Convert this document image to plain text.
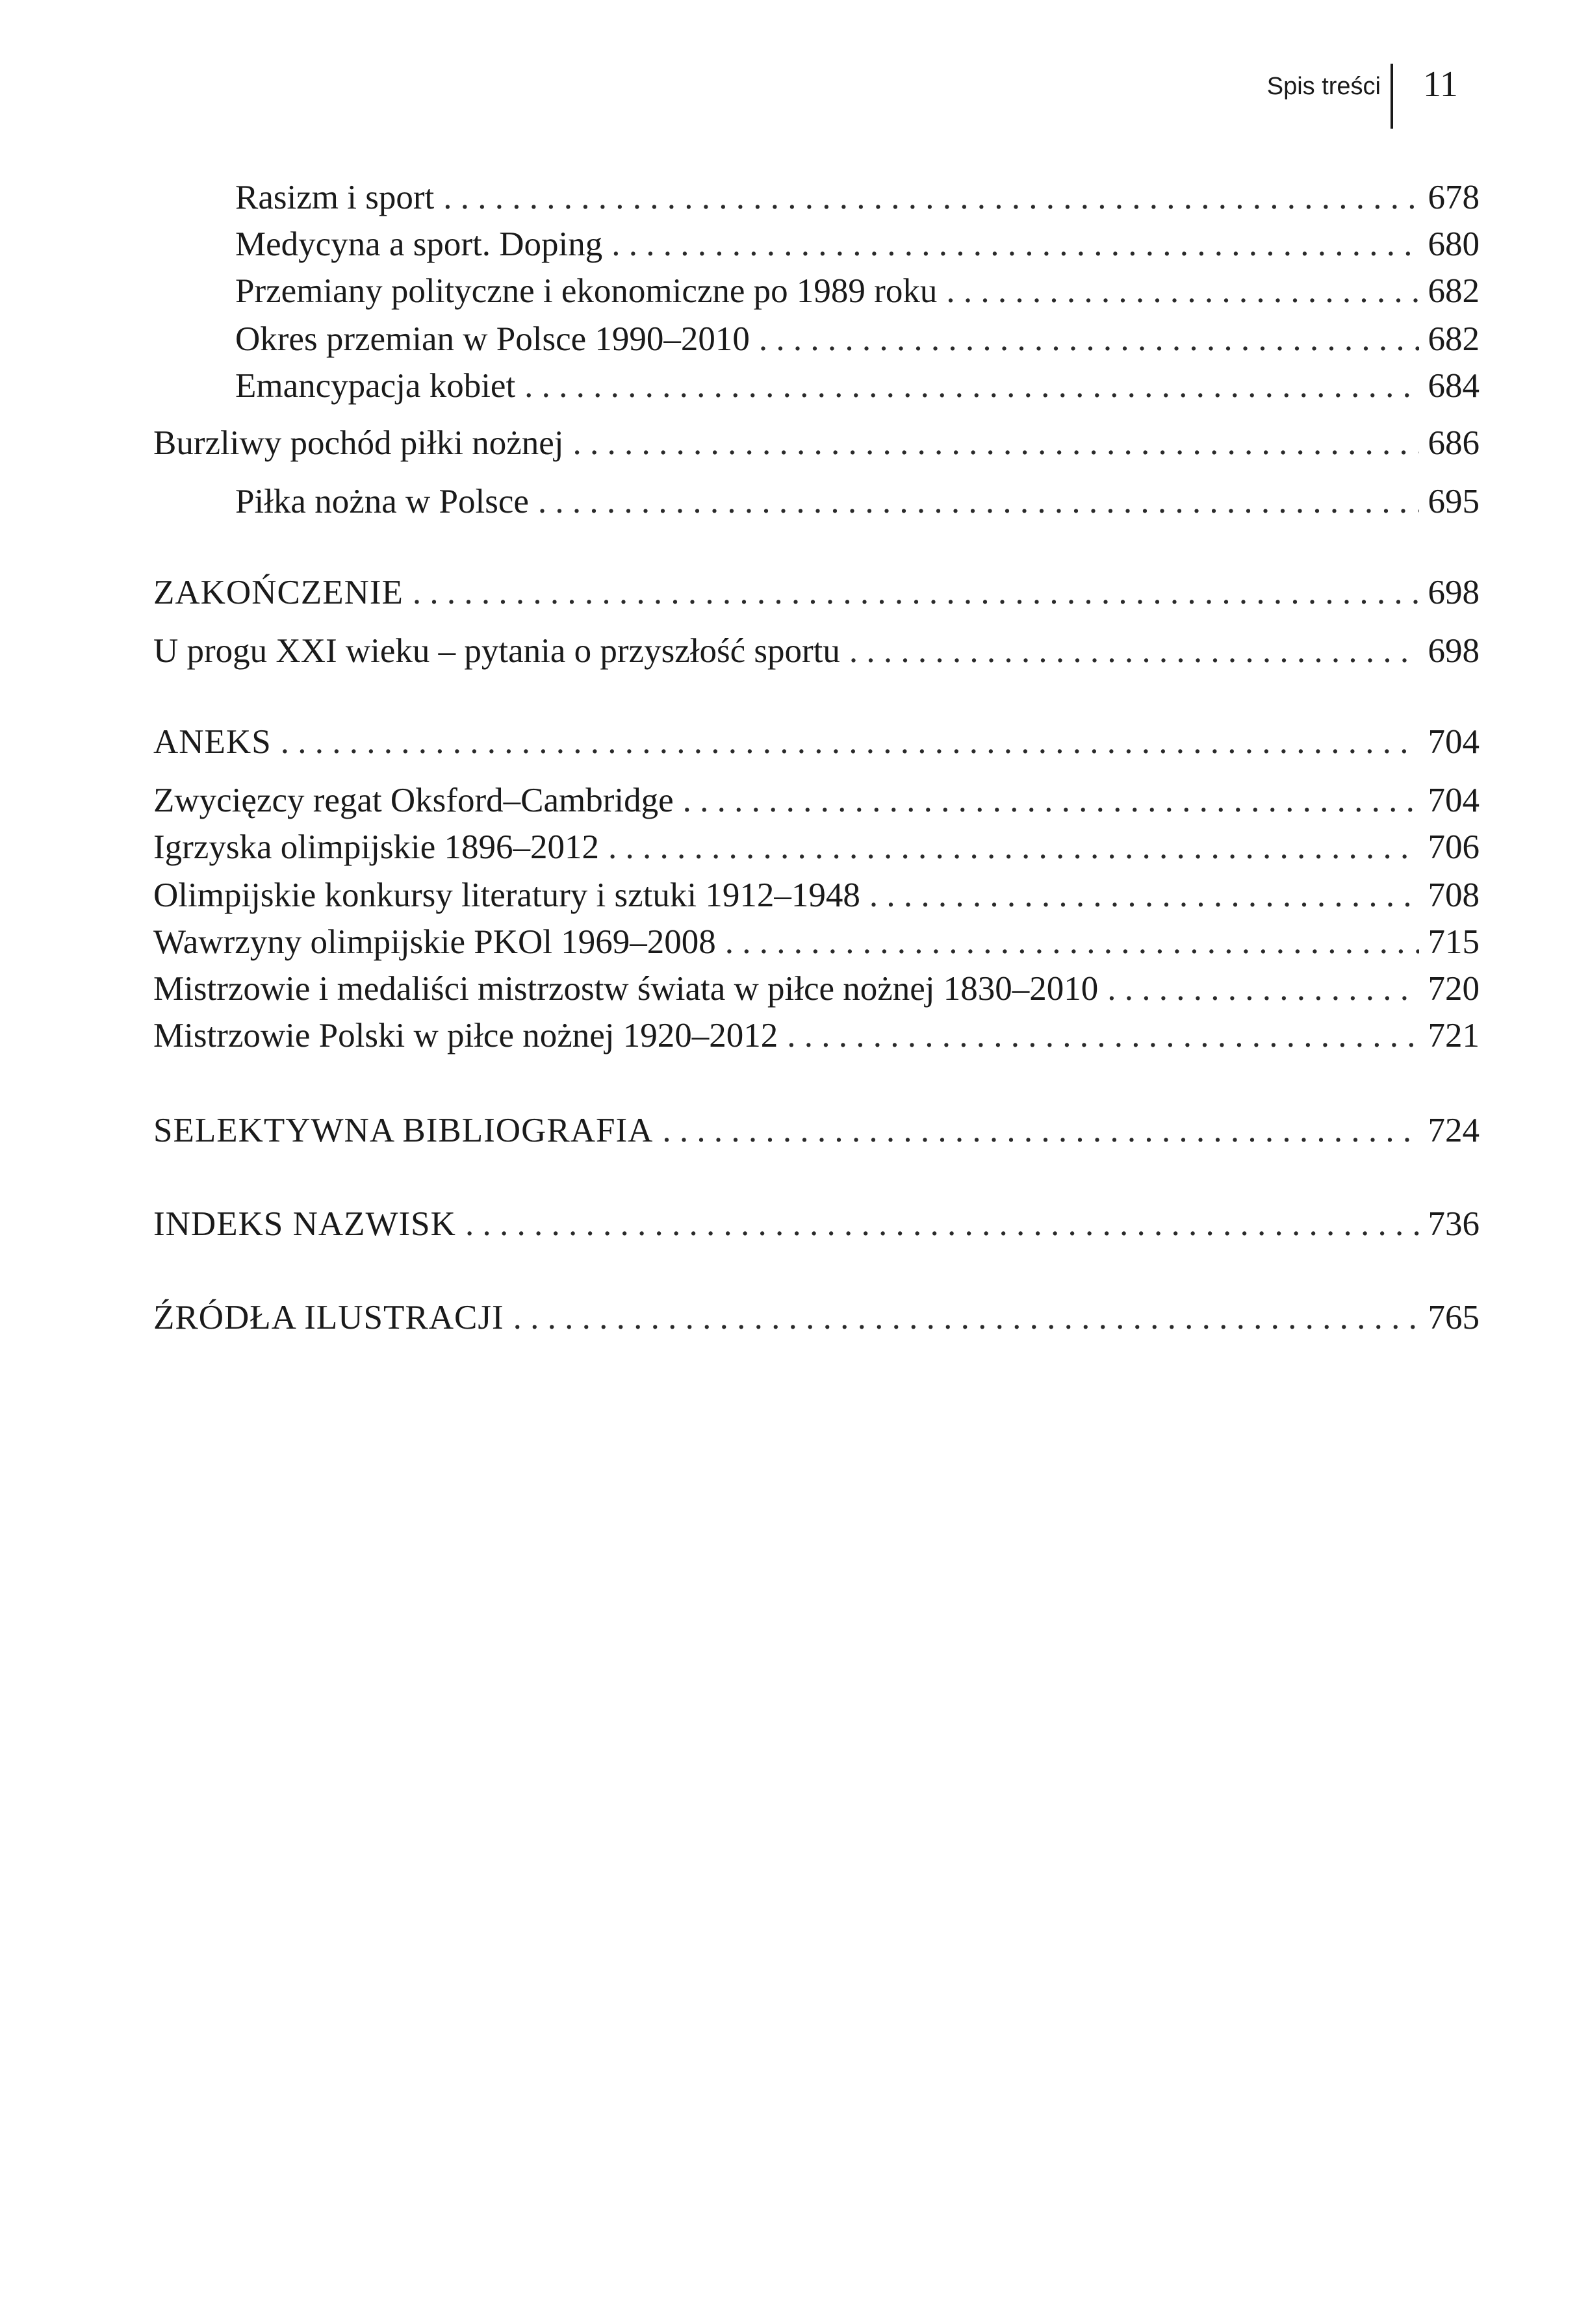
Spis treści 11
Rasizm i sport . . .	678
Medycyna a sport. Doping . . .	680
Przemiany polityczne i ekonomiczne po 1989 roku . . .	682
Okres przemian w Polsce 1990–2010 . . .	682
Emancypacja kobiet . . .	684
Burzliwy pochód piłki nożnej . . .	686
Piłka nożna w Polsce . . .	695
ZAKOŃCZENIE . . .	698
U progu XXI wieku – pytania o przyszłość sportu . . .	698
ANEKS . . .	704
Zwycięzcy regat Oksford–Cambridge . . .	704
Igrzyska olimpijskie 1896–2012 . . .	706
Olimpijskie konkursy literatury i sztuki 1912–1948 . . .	708
Wawrzyny olimpijskie PKOl 1969–2008 . . .	715
Mistrzowie i medaliści mistrzostw świata w piłce nożnej 1830–2010 . . .	720
Mistrzowie Polski w piłce nożnej 1920–2012 . . .	721
SELEKTYWNA BIBLIOGRAFIA . . .	724
INDEKS NAZWISK . . .	736
ŹRÓDŁA ILUSTRACJI . . .	765
